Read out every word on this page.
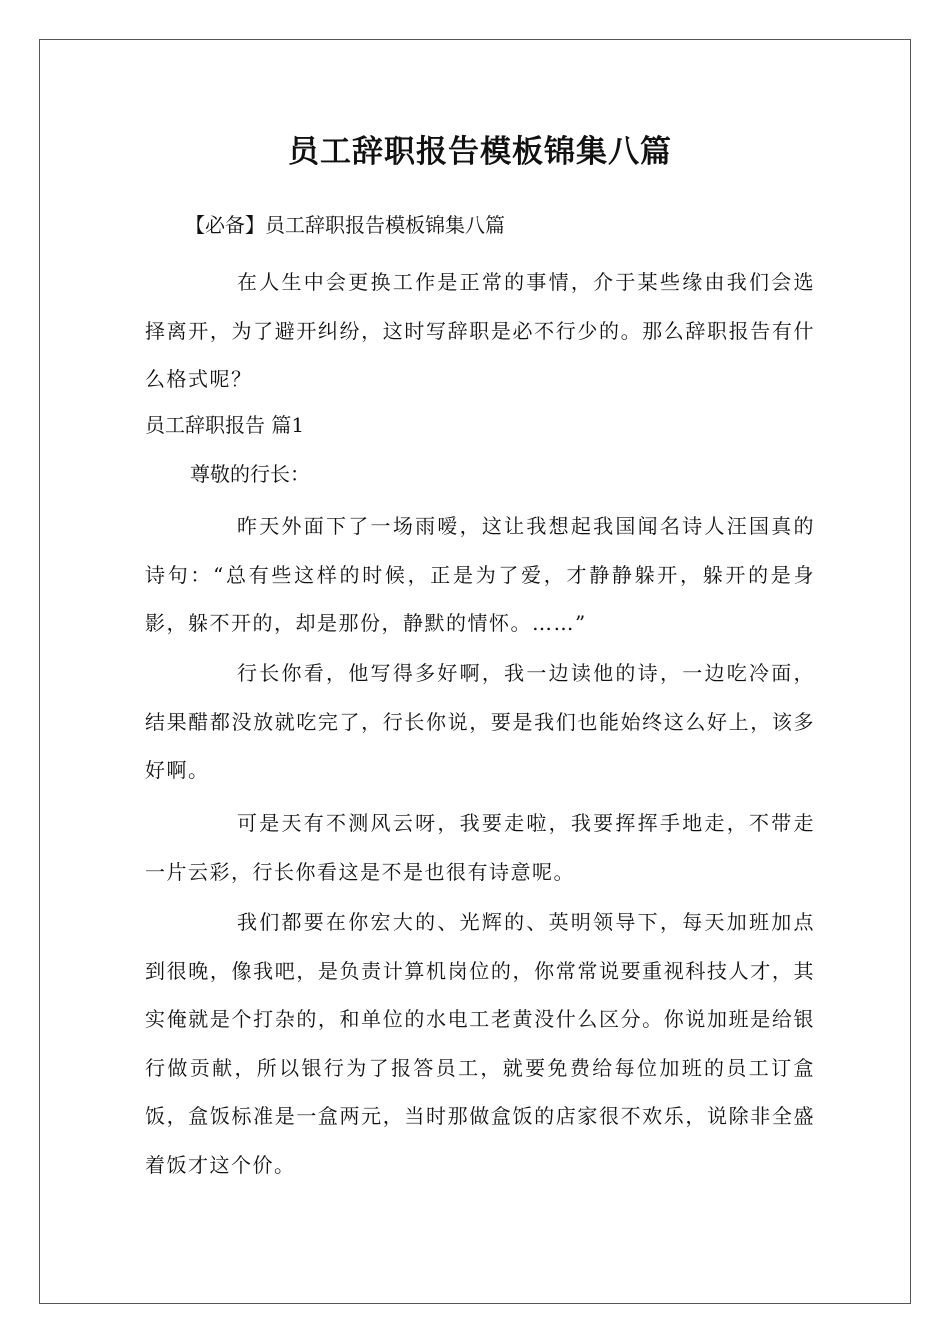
员工辞职报告模板锦集八篇
【必备】员工辞职报告模板锦集八篇

在人生中会更换工作是正常的事情，介于某些缘由我们会选择离开，为了避开纠纷，这时写辞职是必不行少的。那么辞职报告有什么格式呢？

员工辞职报告 篇1
尊敬的行长：

昨天外面下了一场雨嗳，这让我想起我国闻名诗人汪国真的诗句：“总有些这样的时候，正是为了爱，才静静躲开，躲开的是身影，躲不开的，却是那份，静默的情怀。……”

行长你看，他写得多好啊，我一边读他的诗，一边吃冷面，结果醋都没放就吃完了，行长你说，要是我们也能始终这么好上，该多好啊。

可是天有不测风云呀，我要走啦，我要挥挥手地走，不带走一片云彩，行长你看这是不是也很有诗意呢。

我们都要在你宏大的、光辉的、英明领导下，每天加班加点到很晚，像我吧，是负责计算机岗位的，你常常说要重视科技人才，其实俺就是个打杂的，和单位的水电工老黄没什么区分。你说加班是给银行做贡献，所以银行为了报答员工，就要免费给每位加班的员工订盒饭，盒饭标准是一盒两元，当时那做盒饭的店家很不欢乐，说除非全盛着饭才这个价。
